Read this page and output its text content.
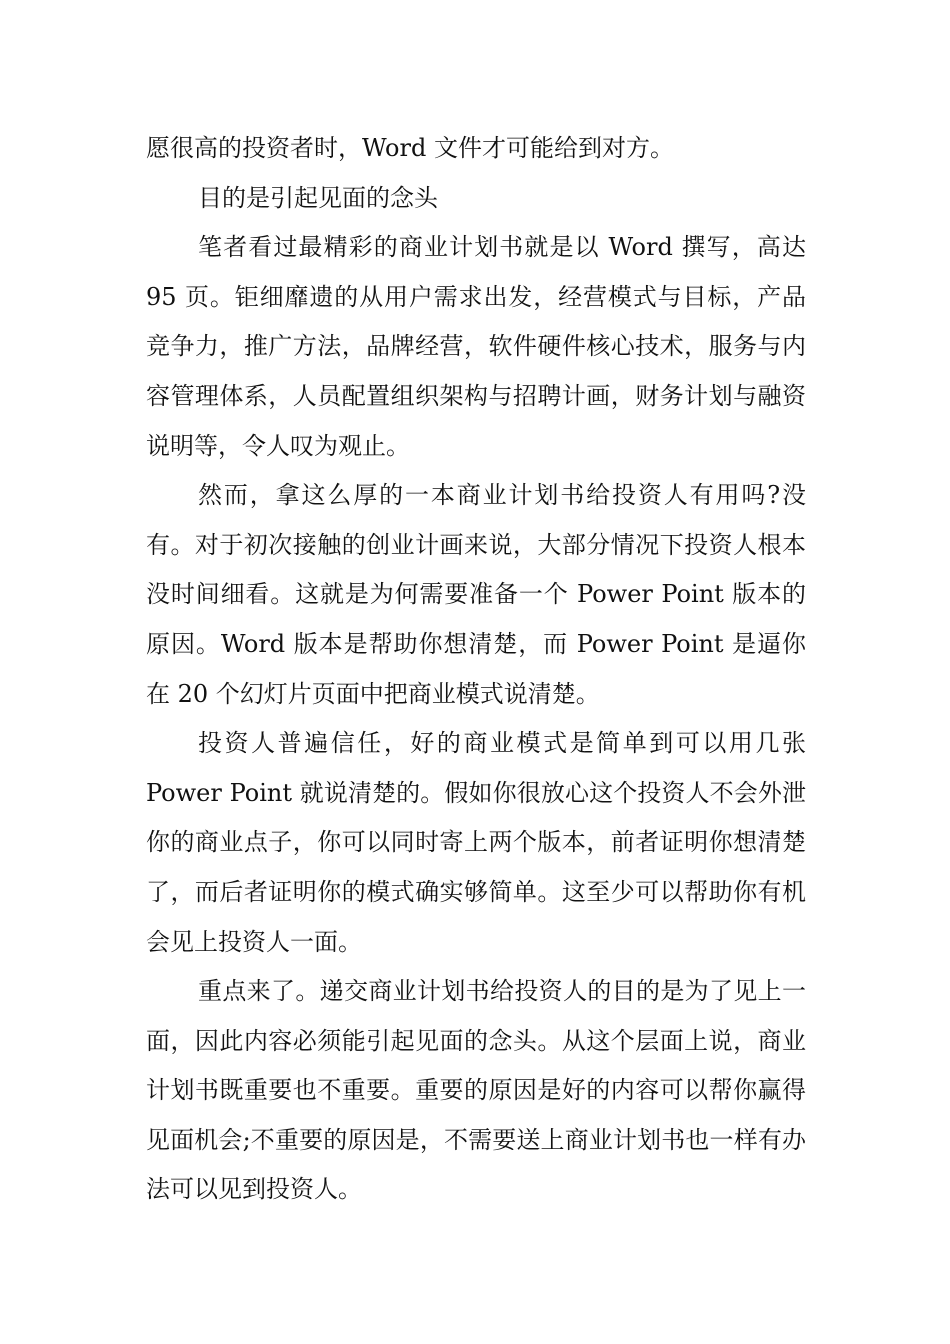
愿很高的投资者时，Word 文件才可能给到对方。

目的是引起见面的念头

笔者看过最精彩的商业计划书就是以 Word 撰写，高达 95 页。钜细靡遗的从用户需求出发，经营模式与目标，产品竞争力，推广方法，品牌经营，软件硬件核心技术，服务与内容管理体系，人员配置组织架构与招聘计画，财务计划与融资说明等，令人叹为观止。

然而，拿这么厚的一本商业计划书给投资人有用吗?没有。对于初次接触的创业计画来说，大部分情况下投资人根本没时间细看。这就是为何需要准备一个 Power Point 版本的原因。Word 版本是帮助你想清楚，而 Power Point 是逼你在 20 个幻灯片页面中把商业模式说清楚。

投资人普遍信任，好的商业模式是简单到可以用几张 Power Point 就说清楚的。假如你很放心这个投资人不会外泄你的商业点子，你可以同时寄上两个版本，前者证明你想清楚了，而后者证明你的模式确实够简单。这至少可以帮助你有机会见上投资人一面。

重点来了。递交商业计划书给投资人的目的是为了见上一面，因此内容必须能引起见面的念头。从这个层面上说，商业计划书既重要也不重要。重要的原因是好的内容可以帮你赢得见面机会;不重要的原因是，不需要送上商业计划书也一样有办法可以见到投资人。
